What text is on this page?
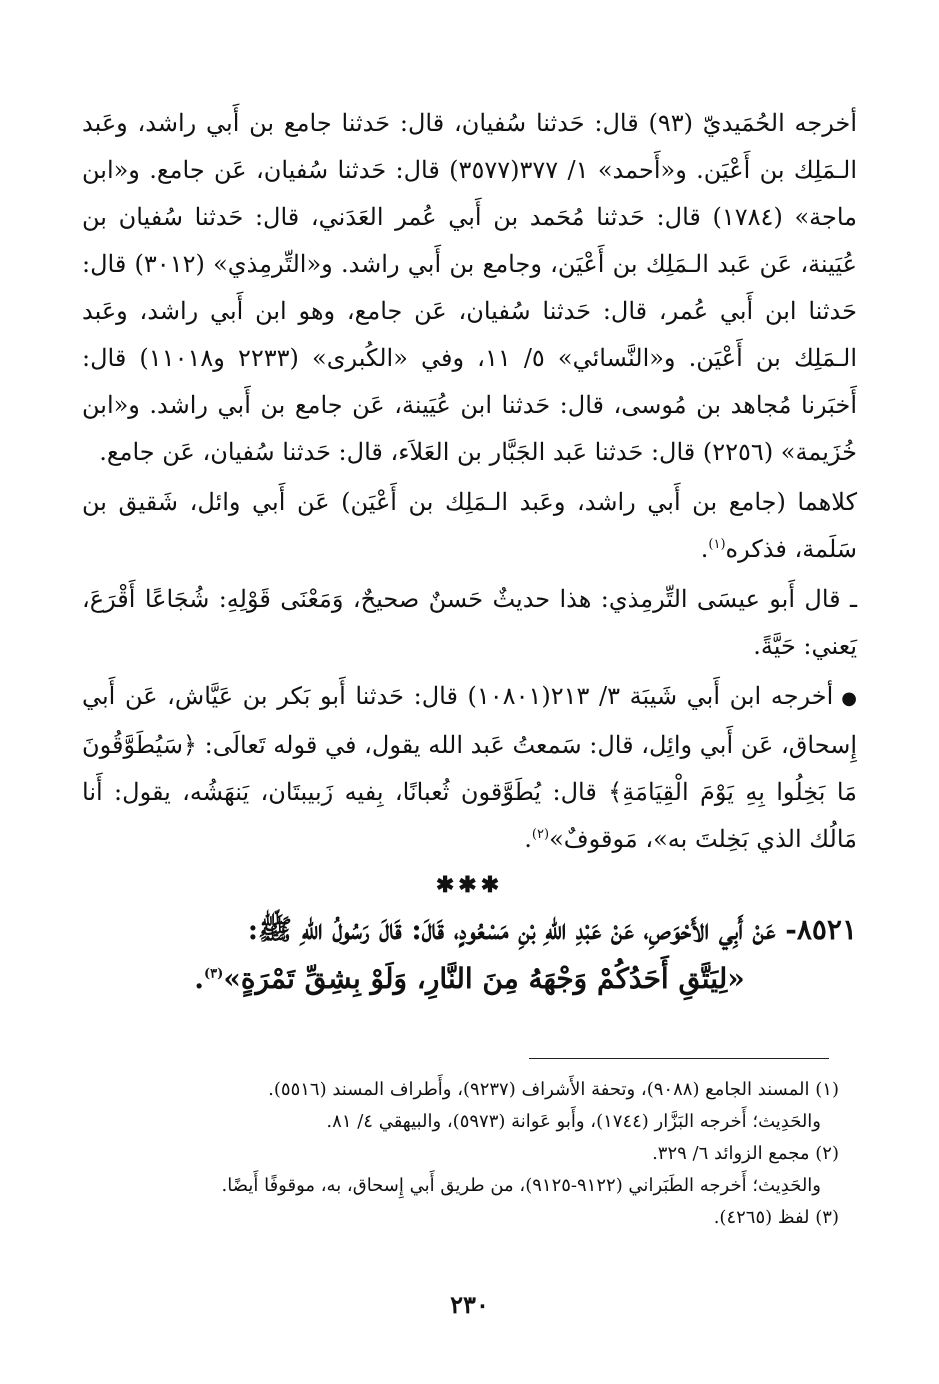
أخرجه الحُمَيديّ (٩٣) قال: حَدثنا سُفيان، قال: حَدثنا جامع بن أَبي راشد، وعَبد الـمَلِك بن أَعْيَن. و«أَحمد» ١/ ٣٧٧(٣٥٧٧) قال: حَدثنا سُفيان، عَن جامع. و«ابن ماجة» (١٧٨٤) قال: حَدثنا مُحَمد بن أَبي عُمر العَدَني، قال: حَدثنا سُفيان بن عُيَينة، عَن عَبد الـمَلِك بن أَعْيَن، وجامع بن أَبي راشد. و«التِّرمِذي» (٣٠١٢) قال: حَدثنا ابن أَبي عُمر، قال: حَدثنا سُفيان، عَن جامع، وهو ابن أَبي راشد، وعَبد الـمَلِك بن أَعْيَن. و«النَّسائي» ٥/ ١١، وفي «الكُبرى» (٢٢٣٣ و١١٠١٨) قال: أَخبَرنا مُجاهد بن مُوسى، قال: حَدثنا ابن عُيَينة، عَن جامع بن أَبي راشد. و«ابن خُزَيمة» (٢٢٥٦) قال: حَدثنا عَبد الجَبَّار بن العَلاَء، قال: حَدثنا سُفيان، عَن جامع.

كلاهما (جامع بن أَبي راشد، وعَبد الـمَلِك بن أَعْيَن) عَن أَبي وائل، شَقيق بن سَلَمة، فذكره$^{(١)}$.

ـ قال أَبو عيسَى التِّرمِذي: هذا حديثٌ حَسنٌ صحيحٌ، وَمَعْنَى قَوْلِهِ: شُجَاعًا أَقْرَعَ، يَعني: حَيَّةً.

●أخرجه ابن أَبي شَيبَة ٣/ ٢١٣(١٠٨٠١) قال: حَدثنا أَبو بَكر بن عَيَّاش، عَن أَبي إِسحاق، عَن أَبي وائِل، قال: سَمعتُ عَبد الله يقول، في قوله تَعالَى: ﴿سَيُطَوَّقُونَ مَا بَخِلُوا بِهِ يَوْمَ الْقِيَامَةِ﴾ قال: يُطَوَّقون ثُعبانًا، بِفيه زَبيبتَان، يَنهَشُه، يقول: أَنا مَالُك الذي بَخِلتَ به»، مَوقوفٌ»$^{(٢)}$.

✱✱✱

٨٥٢١- عَنْ أَبِي الأَحْوَصِ، عَنْ عَبْدِ اللهِ بْنِ مَسْعُودٍ، قَالَ: قَالَ رَسُولُ اللهِ ﷺ:

«لِيَتَّقِ أَحَدُكُمْ وَجْهَهُ مِنَ النَّارِ، وَلَوْ بِشِقِّ تَمْرَةٍ»$^{(٣)}$.

(١) المسند الجامع (٩٠٨٨)، وتحفة الأَشراف (٩٢٣٧)، وأَطراف المسند (٥٥١٦).

والحَدِيث؛ أَخرجه البَزَّار (١٧٤٤)، وأَبو عَوانة (٥٩٧٣)، والبيهقي ٤/ ٨١.

(٢) مجمع الزوائد ٦/ ٣٢٩.

والحَدِيث؛ أَخرجه الطَبَراني (٩١٢٢-٩١٢٥)، من طريق أَبي إِسحاق، به، موقوفًا أَيضًا.

(٣) لفظ (٤٢٦٥).

٢٣٠
